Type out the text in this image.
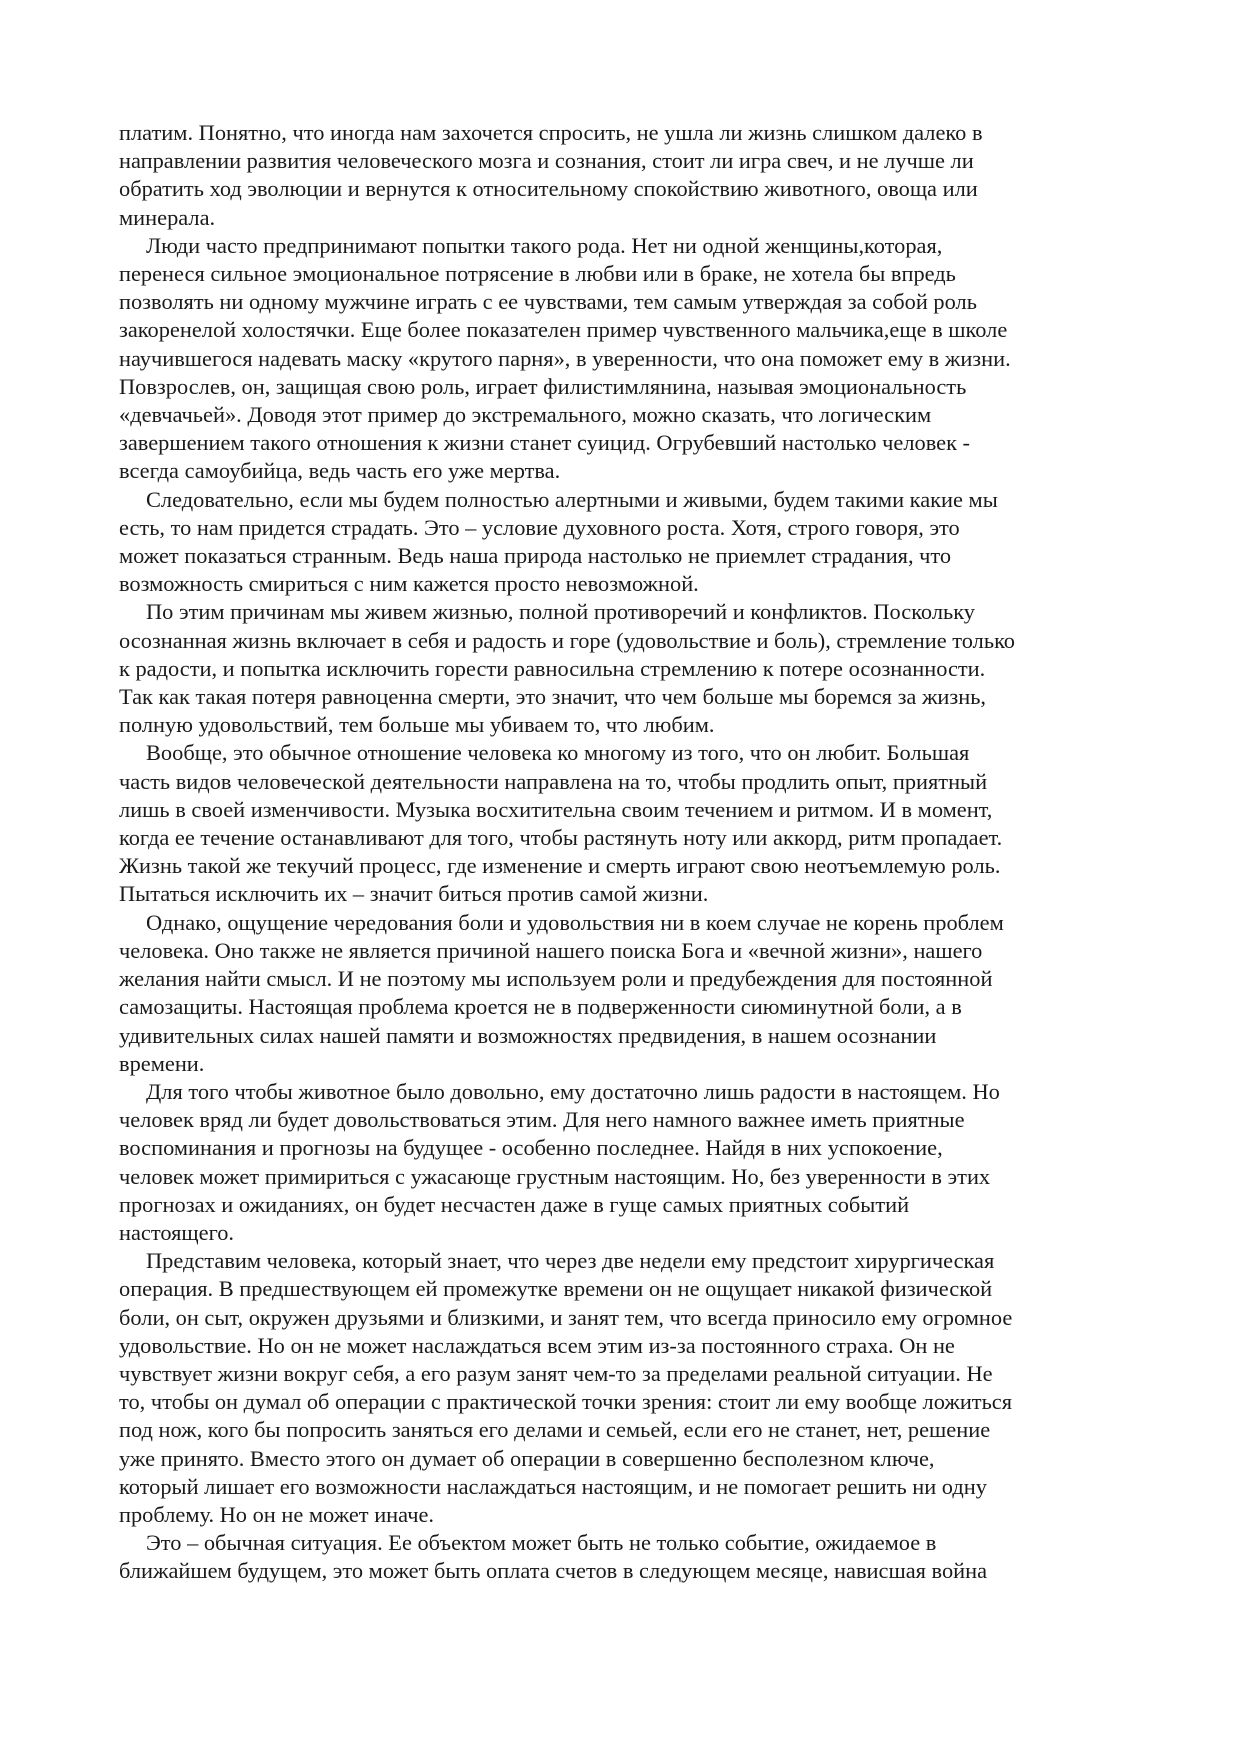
платим. Понятно, что иногда нам захочется спросить, не ушла ли жизнь слишком далеко в
направлении развития человеческого мозга и сознания, стоит ли игра свеч, и не лучше ли
обратить ход эволюции и вернутся к относительному спокойствию животного, овоща или
минерала.

Люди часто предпринимают попытки такого рода. Нет ни одной женщины,которая,
перенеся сильное эмоциональное потрясение в любви или в браке, не хотела бы впредь
позволять ни одному мужчине играть с ее чувствами, тем самым утверждая за собой роль
закоренелой холостячки. Еще более показателен пример чувственного мальчика,еще в школе
научившегося надевать маску «крутого парня», в уверенности, что она поможет ему в жизни.
Повзрослев, он, защищая свою роль, играет филистимлянина, называя эмоциональность
«девчачьей». Доводя этот пример до экстремального, можно сказать, что логическим
завершением такого отношения к жизни станет суицид. Огрубевший настолько человек -
всегда самоубийца, ведь часть его уже мертва.

Следовательно, если мы будем полностью алертными и живыми, будем такими какие мы
есть, то нам придется страдать. Это – условие духовного роста. Хотя, строго говоря, это
может показаться странным. Ведь наша природа настолько не приемлет страдания, что
возможность смириться с ним кажется просто невозможной.

По этим причинам мы живем жизнью, полной противоречий и конфликтов. Поскольку
осознанная жизнь включает в себя и радость и горе (удовольствие и боль), стремление только
к радости, и попытка исключить горести равносильна стремлению к потере осознанности.
Так как такая потеря равноценна смерти, это значит, что чем больше мы боремся за жизнь,
полную удовольствий, тем больше мы убиваем то, что любим.

Вообще, это обычное отношение человека ко многому из того, что он любит. Большая
часть видов человеческой деятельности направлена на то, чтобы продлить опыт, приятный
лишь в своей изменчивости. Музыка восхитительна своим течением и ритмом. И в момент,
когда ее течение останавливают для того, чтобы растянуть ноту или аккорд, ритм пропадает.
Жизнь такой же текучий процесс, где изменение и смерть играют свою неотъемлемую роль.
Пытаться исключить их – значит биться против самой жизни.

Однако, ощущение чередования боли и удовольствия ни в коем случае не корень проблем
человека. Оно также не является причиной нашего поиска Бога и «вечной жизни», нашего
желания найти смысл. И не поэтому мы используем роли и предубеждения для постоянной
самозащиты. Настоящая проблема кроется не в подверженности сиюминутной боли, а в
удивительных силах нашей памяти и возможностях предвидения, в нашем осознании
времени.

Для того чтобы животное было довольно, ему достаточно лишь радости в настоящем. Но
человек вряд ли будет довольствоваться этим. Для него намного важнее иметь приятные
воспоминания и прогнозы на будущее - особенно последнее. Найдя в них успокоение,
человек может примириться с ужасающе грустным настоящим. Но, без уверенности в этих
прогнозах и ожиданиях, он будет несчастен даже в гуще самых приятных событий
настоящего.

Представим человека, который знает, что через две недели ему предстоит хирургическая
операция. В предшествующем ей промежутке времени он не ощущает никакой физической
боли, он сыт, окружен друзьями и близкими, и занят тем, что всегда приносило ему огромное
удовольствие. Но он не может наслаждаться всем этим из-за постоянного страха. Он не
чувствует жизни вокруг себя, а его разум занят чем-то за пределами реальной ситуации. Не
то, чтобы он думал об операции с практической точки зрения: стоит ли ему вообще ложиться
под нож, кого бы попросить заняться его делами и семьей, если его не станет, нет, решение
уже принято. Вместо этого он думает об операции в совершенно бесполезном ключе,
который лишает его возможности наслаждаться настоящим, и не помогает решить ни одну
проблему. Но он не может иначе.

Это – обычная ситуация. Ее объектом может быть не только событие, ожидаемое в
ближайшем будущем, это может быть оплата счетов в следующем месяце, нависшая война
